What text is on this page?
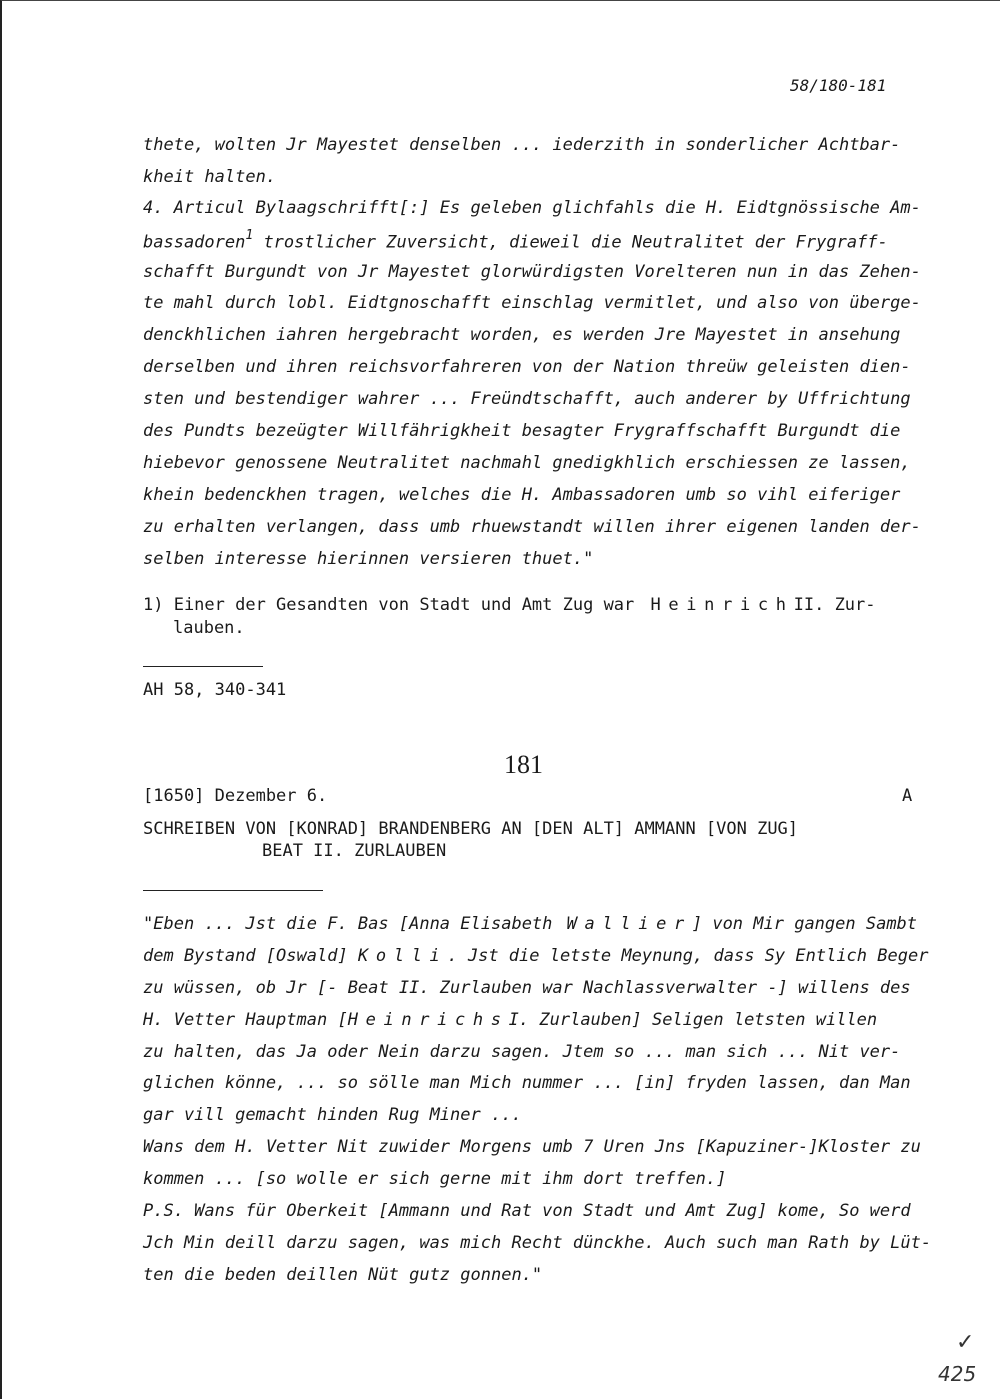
58/180-181
thete, wolten Jr Mayestet denselben ... iederzith in sonderlicher Achtbar-
kheit halten.
4. Articul Bylaagschrifft[:] Es geleben glichfahls die H. Eidtgnössische Am-
bassadoren$^1$ trostlicher Zuversicht, dieweil die Neutralitet der Frygraff-
schafft Burgundt von Jr Mayestet glorwürdigsten Vorelteren nun in das Zehen-
te mahl durch lobl. Eidtgnoschafft einschlag vermitlet, und also von überge-
denckhlichen iahren hergebracht worden, es werden Jre Mayestet in ansehung
derselben und ihren reichsvorfahreren von der Nation threüw geleisten dien-
sten und bestendiger wahrer ... Freündtschafft, auch anderer by Uffrichtung
des Pundts bezeügter Willfährigkheit besagter Frygraffschafft Burgundt die
hiebevor genossene Neutralitet nachmahl gnedigkhlich erschiessen ze lassen,
khein bedenckhen tragen, welches die H. Ambassadoren umb so vihl eiferiger
zu erhalten verlangen, dass umb rhuewstandt willen ihrer eigenen landen der-
selben interesse hierinnen versieren thuet."
1) Einer der Gesandten von Stadt und Amt Zug war HeinrichII. Zur-
lauben.
AH 58, 340-341
181
[1650] Dezember 6.	A
SCHREIBEN VON [KONRAD] BRANDENBERG AN [DEN ALT] AMMANN [VON ZUG]
BEAT II. ZURLAUBEN
"Eben ... Jst die F. Bas [Anna Elisabeth Wallier] von Mir gangen Sambt
dem Bystand [Oswald] Kolli. Jst die letste Meynung, dass Sy Entlich Beger
zu wüssen, ob Jr [- Beat II. Zurlauben war Nachlassverwalter -] willens des
H. Vetter Hauptman [HeinrichsI. Zurlauben] Seligen letsten willen
zu halten, das Ja oder Nein darzu sagen. Jtem so ... man sich ... Nit ver-
glichen könne, ... so sölle man Mich nummer ... [in] fryden lassen, dan Man
gar vill gemacht hinden Rug Miner ...
Wans dem H. Vetter Nit zuwider Morgens umb 7 Uren Jns [Kapuziner-]Kloster zu
kommen ... [so wolle er sich gerne mit ihm dort treffen.]
P.S. Wans für Oberkeit [Ammann und Rat von Stadt und Amt Zug] kome, So werd
Jch Min deill darzu sagen, was mich Recht dünckhe. Auch such man Rath by Lüt-
ten die beden deillen Nüt gutz gonnen."
✓
425
